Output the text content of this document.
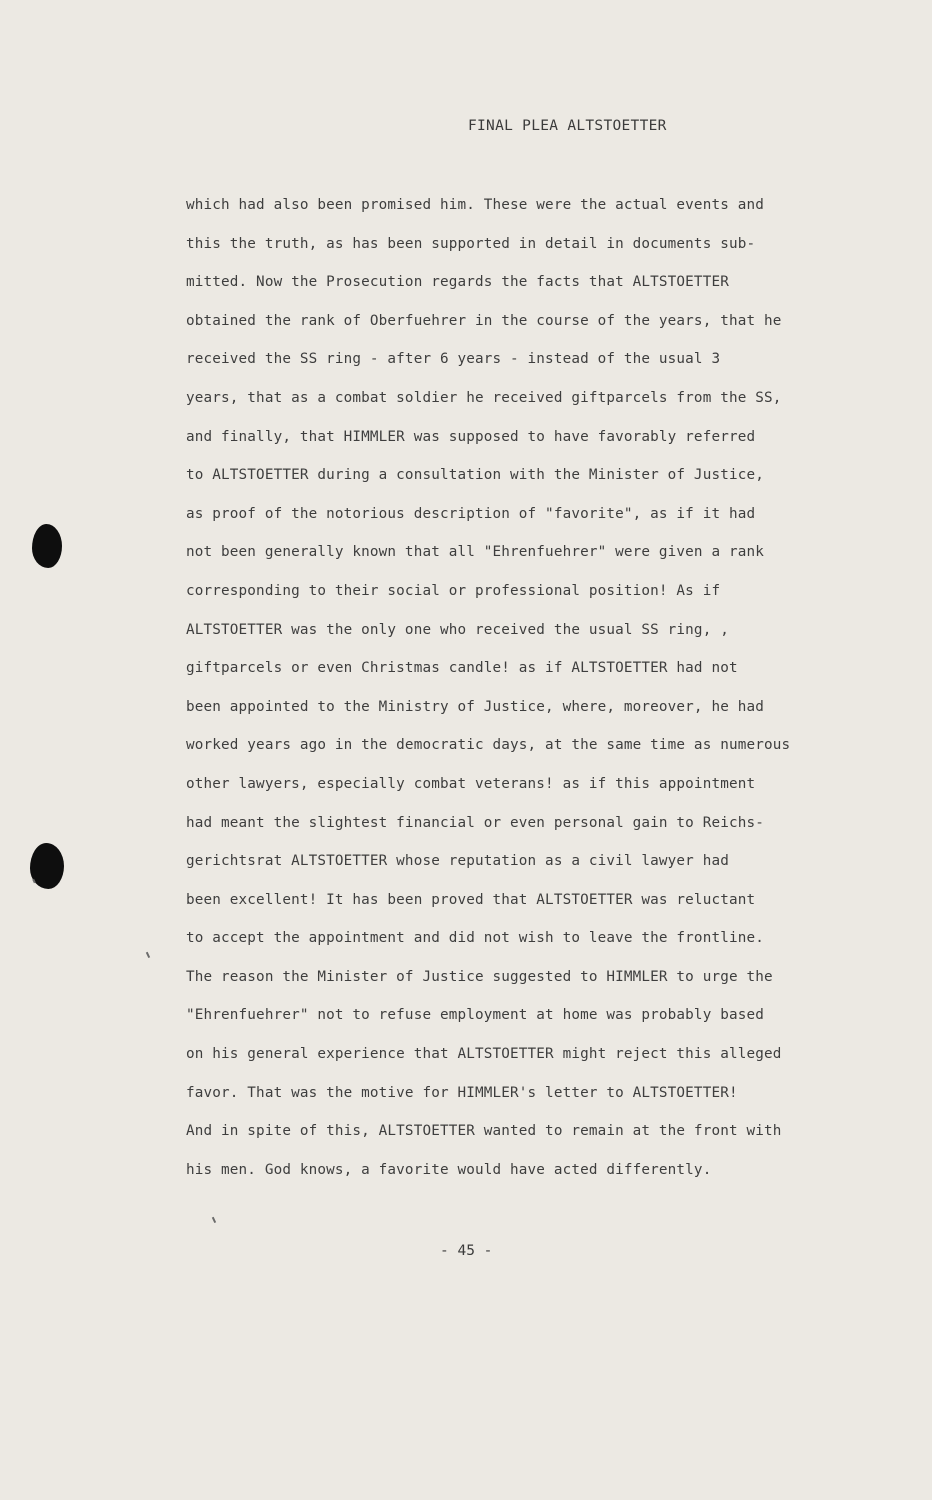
FINAL PLEA ALTSTOETTER
which had also been promised him. These were the actual events and
this the truth, as has been supported in detail in documents sub-
mitted. Now the Prosecution regards the facts that ALTSTOETTER
obtained the rank of Oberfuehrer in the course of the years, that he
received the SS ring - after 6 years - instead of the usual 3
years, that as a combat soldier he received giftparcels from the SS,
and finally, that HIMMLER was supposed to have favorably referred
to ALTSTOETTER during a consultation with the Minister of Justice,
as proof of the notorious description of "favorite", as if it had
not been generally known that all "Ehrenfuehrer" were given a rank
corresponding to their social or professional position! As if
ALTSTOETTER was the only one who received the usual SS ring, ,
giftparcels or even Christmas candle! as if ALTSTOETTER had not
been appointed to the Ministry of Justice, where, moreover, he had
worked years ago in the democratic days, at the same time as numerous
other lawyers, especially combat veterans! as if this appointment
had meant the slightest financial or even personal gain to Reichs-
gerichtsrat ALTSTOETTER whose reputation as a civil lawyer had
been excellent! It has been proved that ALTSTOETTER was reluctant
to accept the appointment and did not wish to leave the frontline.
The reason the Minister of Justice suggested to HIMMLER to urge the
"Ehrenfuehrer" not to refuse employment at home was probably based
on his general experience that ALTSTOETTER might reject this alleged
favor. That was the motive for HIMMLER's letter to ALTSTOETTER!
And in spite of this, ALTSTOETTER wanted to remain at the front with
his men. God knows, a favorite would have acted differently.
- 45 -
